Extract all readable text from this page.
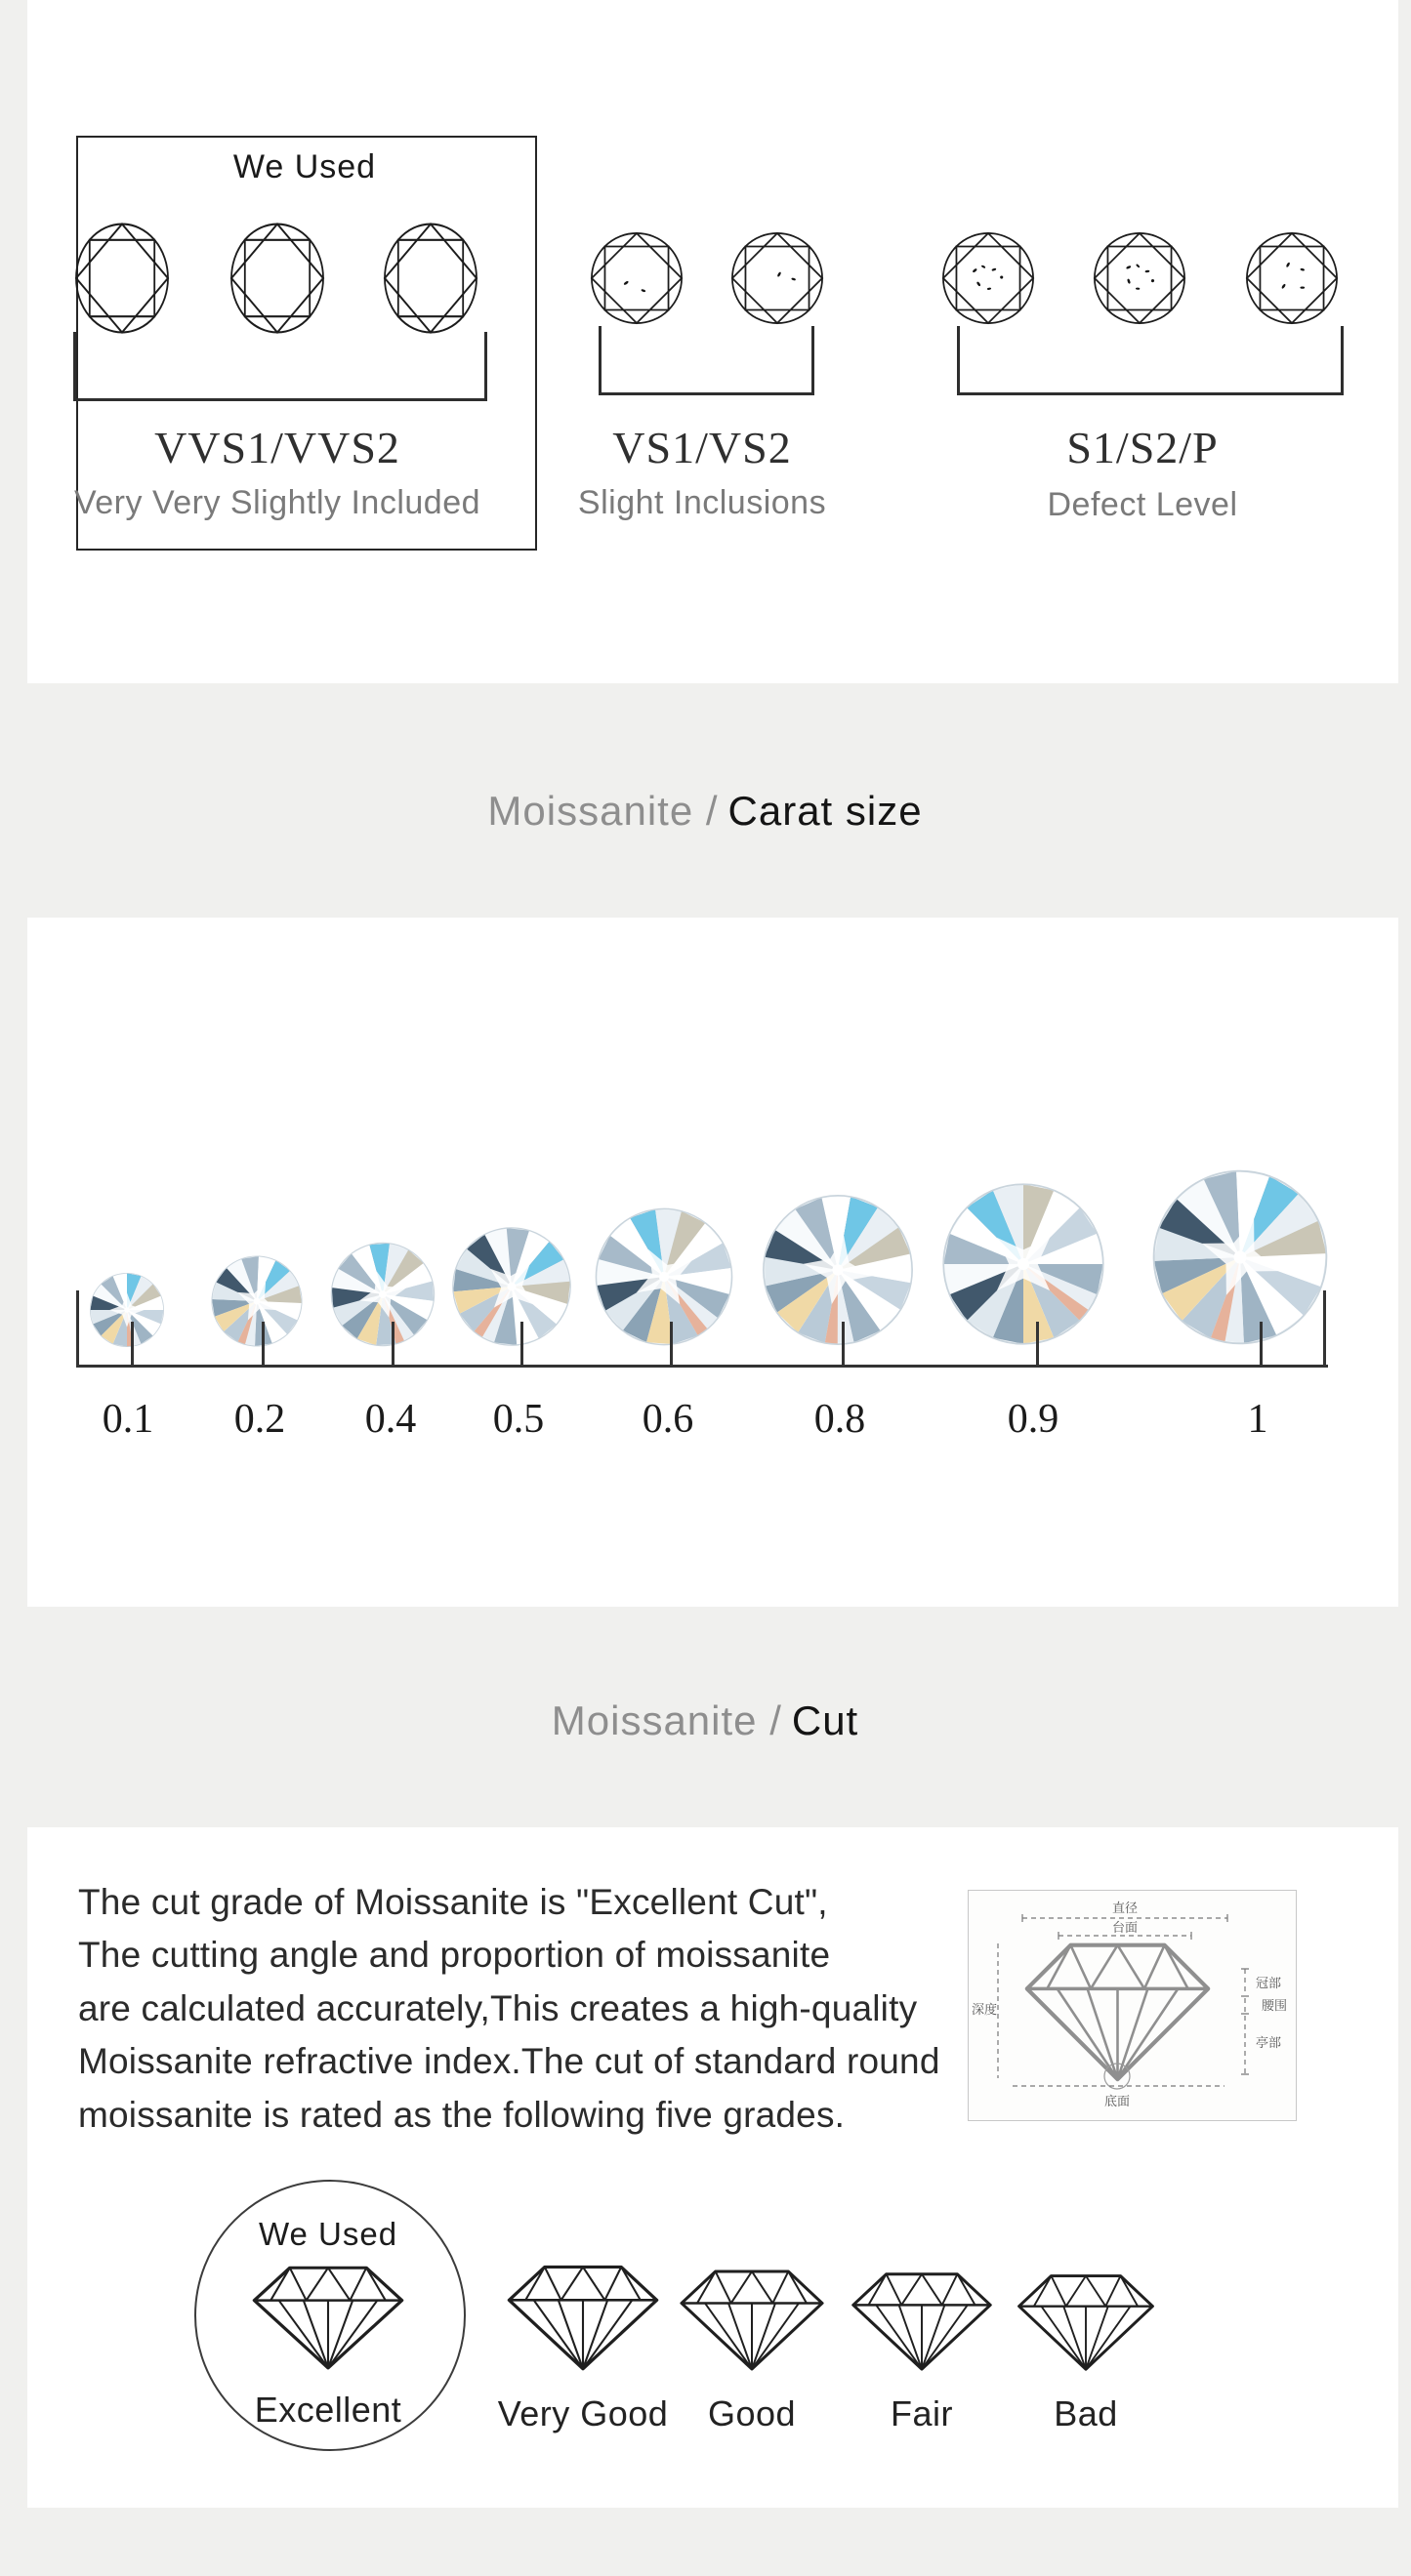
We Used
VVS1/VVS2
Very Very Slightly Included
VS1/VS2
Slight Inclusions
S1/S2/P
Defect Level
Moissanite / Carat size
0.1 0.2 0.4 0.5 0.6	0.8	0.9	1
Moissanite / Cut
The cut grade of Moissanite is "Excellent Cut",
The cutting angle and proportion of moissanite
are calculated accurately,This creates a high-quality
Moissanite refractive index.The cut of standard round
moissanite is rated as the following five grades.
直径
台面
深度
冠部
腰围
亭部
底面
We Used
Excellent	Very Good Good	Fair	Bad
